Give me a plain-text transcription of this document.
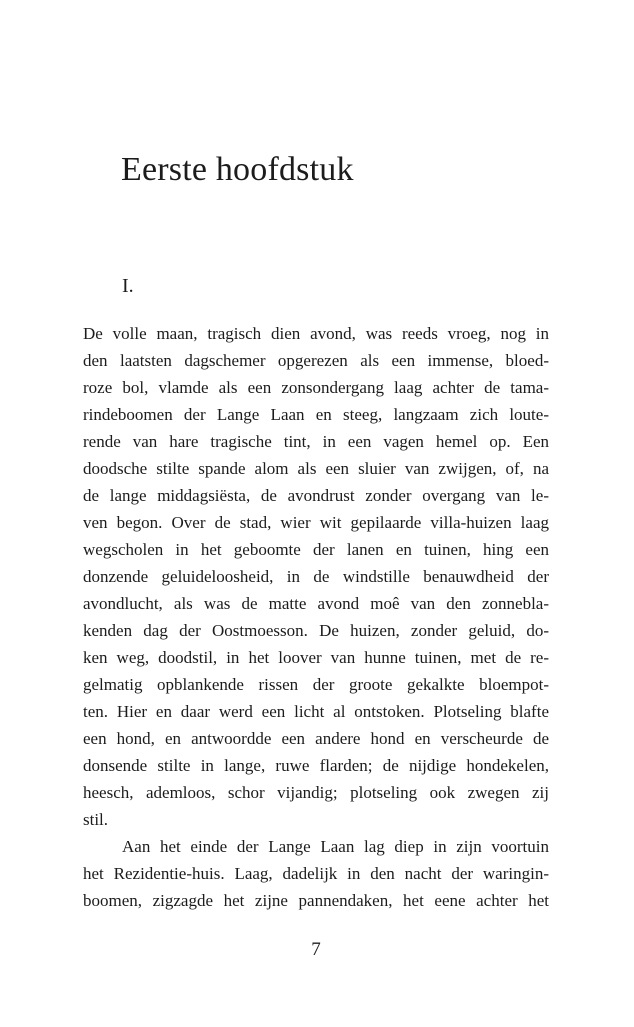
Eerste hoofdstuk
I.
De volle maan, tragisch dien avond, was reeds vroeg, nog in
den laatsten dagschemer opgerezen als een immense, bloed-
roze bol, vlamde als een zonsondergang laag achter de tama-
rindeboomen der Lange Laan en steeg, langzaam zich loute-
rende van hare tragische tint, in een vagen hemel op. Een
doodsche stilte spande alom als een sluier van zwijgen, of, na
de lange middagsiësta, de avondrust zonder overgang van le-
ven begon. Over de stad, wier wit gepilaarde villa-huizen laag
wegscholen in het geboomte der lanen en tuinen, hing een
donzende geluideloosheid, in de windstille benauwdheid der
avondlucht, als was de matte avond moê van den zonnebla-
kenden dag der Oostmoesson. De huizen, zonder geluid, do-
ken weg, doodstil, in het loover van hunne tuinen, met de re-
gelmatig opblankende rissen der groote gekalkte bloempot-
ten. Hier en daar werd een licht al ontstoken. Plotseling blafte
een hond, en antwoordde een andere hond en verscheurde de
donsende stilte in lange, ruwe flarden; de nijdige hondekelen,
heesch, ademloos, schor vijandig; plotseling ook zwegen zij
stil.
Aan het einde der Lange Laan lag diep in zijn voortuin
het Rezidentie-huis. Laag, dadelijk in den nacht der waringin-
boomen, zigzagde het zijne pannendaken, het eene achter het
7
